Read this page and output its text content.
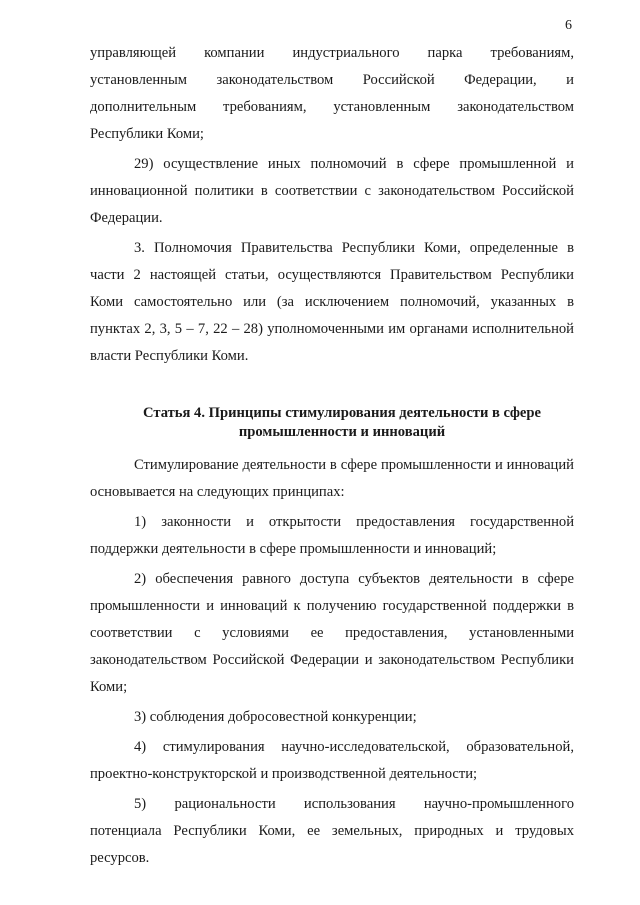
6

управляющей компании индустриального парка требованиям, установленным законодательством Российской Федерации, и дополнительным требованиям, установленным законодательством Республики Коми;

29) осуществление иных полномочий в сфере промышленной и инновационной политики в соответствии с законодательством Российской Федерации.

3. Полномочия Правительства Республики Коми, определенные в части 2 настоящей статьи, осуществляются Правительством Республики Коми самостоятельно или (за исключением полномочий, указанных в пунктах 2, 3, 5 – 7, 22 – 28) уполномоченными им органами исполнительной власти Республики Коми.

Статья 4. Принципы стимулирования деятельности в сфере
промышленности и инноваций

Стимулирование деятельности в сфере промышленности и инноваций основывается на следующих принципах:

1) законности и открытости предоставления государственной поддержки деятельности в сфере промышленности и инноваций;

2) обеспечения равного доступа субъектов деятельности в сфере промышленности и инноваций к получению государственной поддержки в соответствии с условиями ее предоставления, установленными законодательством Российской Федерации и законодательством Республики Коми;

3) соблюдения добросовестной конкуренции;

4) стимулирования научно-исследовательской, образовательной, проектно-конструкторской и производственной деятельности;

5) рациональности использования научно-промышленного потенциала Республики Коми, ее земельных, природных и трудовых ресурсов.
